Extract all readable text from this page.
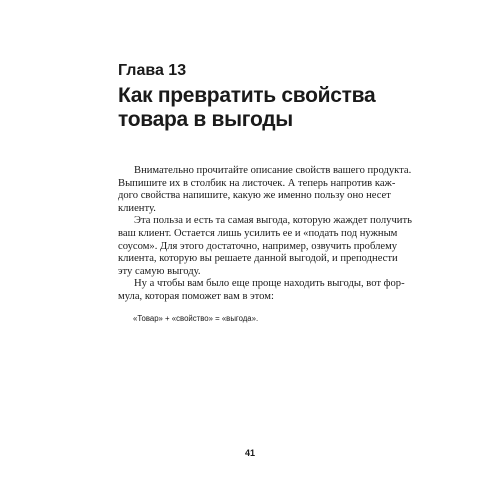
Глава 13
Как превратить свойства
товара в выгоды

Внимательно прочитайте описание свойств вашего продукта.
Выпишите их в столбик на листочек. А теперь напротив каж-
дого свойства напишите, какую же именно пользу оно несет
клиенту.

Эта польза и есть та самая выгода, которую жаждет получить
ваш клиент. Остается лишь усилить ее и «подать под нужным
соусом». Для этого достаточно, например, озвучить проблему
клиента, которую вы решаете данной выгодой, и преподнести
эту самую выгоду.

Ну а чтобы вам было еще проще находить выгоды, вот фор-
мула, которая поможет вам в этом:

«Товар» + «свойство» = «выгода».
41
